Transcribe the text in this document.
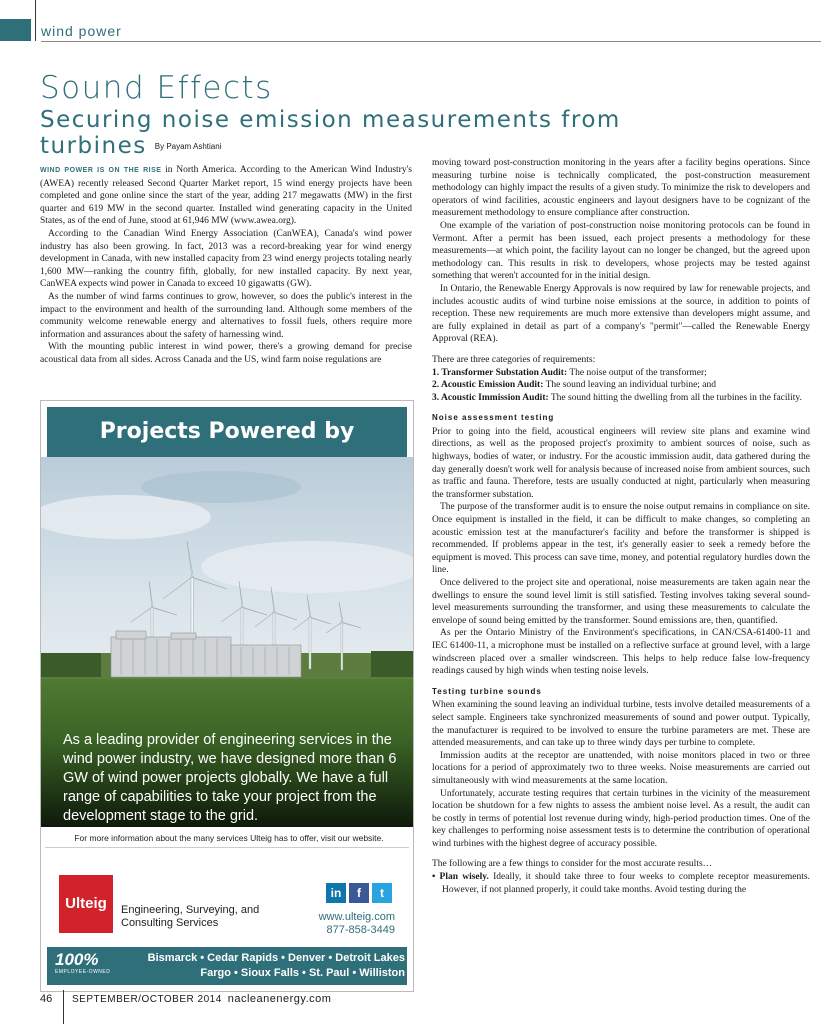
wind power
Sound Effects
Securing noise emission measurements from turbines By Payam Ashtiani

WIND POWER IS ON THE RISE in North America. According to the American Wind Industry's (AWEA) recently released Second Quarter Market report, 15 wind energy projects have been completed and gone online since the start of the year, adding 217 megawatts (MW) in the first quarter and 619 MW in the second quarter. Installed wind generating capacity in the United States, as of the end of June, stood at 61,946 MW (www.awea.org).

According to the Canadian Wind Energy Association (CanWEA), Canada's wind power industry has also been growing. In fact, 2013 was a record-breaking year for wind energy development in Canada, with new installed capacity from 23 wind energy projects totaling nearly 1,600 MW—ranking the country fifth, globally, for new installed capacity. By next year, CanWEA expects wind power in Canada to exceed 10 gigawatts (GW).

As the number of wind farms continues to grow, however, so does the public's interest in the impact to the environment and health of the surrounding land. Although some members of the community welcome renewable energy and alternatives to fossil fuels, others require more information and assurances about the safety of harnessing wind.

With the mounting public interest in wind power, there's a growing demand for precise acoustical data from all sides. Across Canada and the US, wind farm noise regulations are

Projects Powered by
As a leading provider of engineering services in the wind power industry, we have designed more than 6 GW of wind power projects globally. We have a full range of capabilities to take your project from the development stage to the grid.
For more information about the many services Ulteig has to offer, visit our website.
Ulteig	Engineering, Surveying, and Consulting Services
in f t
www.ulteig.com
877-858-3449
100%
EMPLOYEE-OWNED
Bismarck • Cedar Rapids • Denver • Detroit Lakes
Fargo • Sioux Falls • St. Paul • Williston

moving toward post-construction monitoring in the years after a facility begins operations. Since measuring turbine noise is technically complicated, the post-construction measurement methodology can highly impact the results of a given study. To minimize the risk to developers and operators of wind facilities, acoustic engineers and layout designers have to be cognizant of the measurement methodology to ensure compliance after construction.

One example of the variation of post-construction noise monitoring protocols can be found in Vermont. After a permit has been issued, each project presents a methodology for these measurements—at which point, the facility layout can no longer be changed, but the agreed upon methodology can. This results in risk to developers, whose projects may be tested against something that weren't accounted for in the initial design.

In Ontario, the Renewable Energy Approvals is now required by law for renewable projects, and includes acoustic audits of wind turbine noise emissions at the source, in addition to points of reception. These new requirements are much more extensive than developers might assume, and are fully explained in detail as part of a company's "permit"—called the Renewable Energy Approval (REA).

There are three categories of requirements:

1. Transformer Substation Audit: The noise output of the transformer;
2. Acoustic Emission Audit: The sound leaving an individual turbine; and
3. Acoustic Immission Audit: The sound hitting the dwelling from all the turbines in the facility.
Noise assessment testing

Prior to going into the field, acoustical engineers will review site plans and examine wind directions, as well as the proposed project's proximity to ambient sources of noise, such as highways, bodies of water, or industry. For the acoustic immission audit, data gathered during the day generally doesn't work well for analysis because of increased noise from ambient sources, such as traffic and fauna. Therefore, tests are usually conducted at night, particularly when measuring the transformer substation.

The purpose of the transformer audit is to ensure the noise output remains in compliance on site. Once equipment is installed in the field, it can be difficult to make changes, so completing an acoustic emission test at the manufacturer's facility and before the transformer is shipped is recommended. If problems appear in the test, it's generally easier to seek a remedy before the equipment is moved. This process can save time, money, and potential regulatory hurdles down the line.

Once delivered to the project site and operational, noise measurements are taken again near the dwellings to ensure the sound level limit is still satisfied. Testing involves taking several sound-level measurements surrounding the transformer, and using these measurements to calculate the envelope of sound being emitted by the transformer. Sound emissions are, then, quantified.

As per the Ontario Ministry of the Environment's specifications, in CAN/CSA-61400-11 and IEC 61400-11, a microphone must be installed on a reflective surface at ground level, with a large windscreen placed over a smaller windscreen. This helps to help reduce false low-frequency readings caused by high winds when testing noise levels.

Testing turbine sounds

When examining the sound leaving an individual turbine, tests involve detailed measurements of a select sample. Engineers take synchronized measurements of sound and power output. Typically, the manufacturer is required to be involved to ensure the turbine parameters are met. These are attended measurements, and can take up to three windy days per turbine to complete.

Immission audits at the receptor are unattended, with noise monitors placed in two or three locations for a period of approximately two to three weeks. Noise measurements are carried out simultaneously with wind measurements at the same location.

Unfortunately, accurate testing requires that certain turbines in the vicinity of the measurement location be shutdown for a few nights to assess the ambient noise level. As a result, the audit can be costly in terms of potential lost revenue during windy, high-period production times. One of the key challenges to performing noise assessment tests is to determine the contribution of operational wind turbines with the highest degree of accuracy possible.

The following are a few things to consider for the most accurate results…

• Plan wisely. Ideally, it should take three to four weeks to complete receptor measurements. However, if not planned properly, it could take months. Avoid testing during the
46 SEPTEMBER/OCTOBER 2014 nacleanenergy.com
